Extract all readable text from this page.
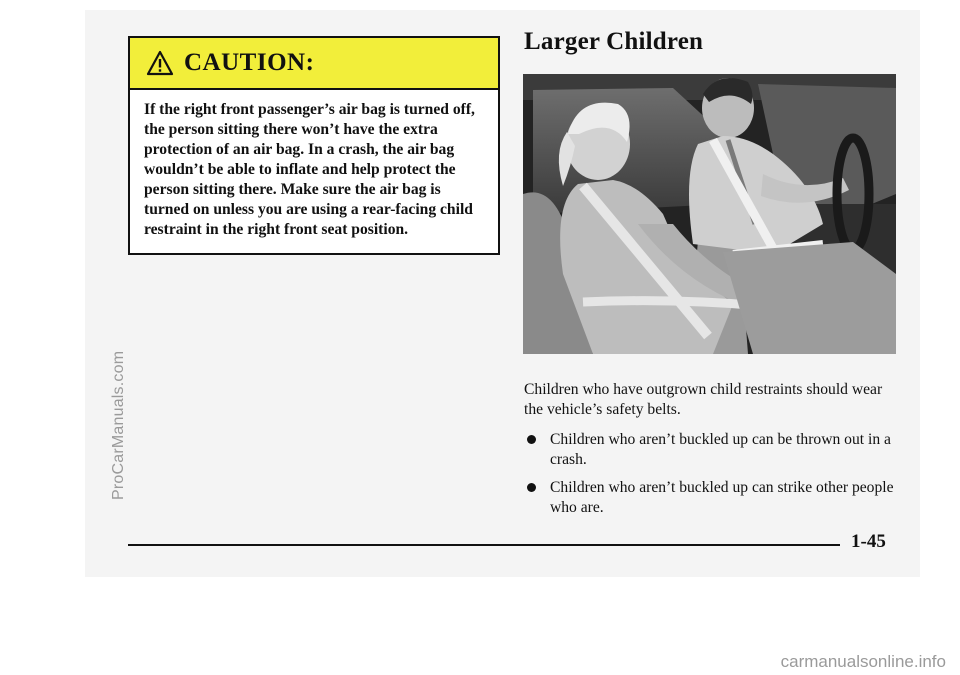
ProCarManuals.com
CAUTION:
If the right front passenger’s air bag is turned off, the person sitting there won’t have the extra protection of an air bag. In a crash, the air bag wouldn’t be able to inflate and help protect the person sitting there. Make sure the air bag is turned on unless you are using a rear-facing child restraint in the right front seat position.
Larger Children
Children who have outgrown child restraints should wear the vehicle’s safety belts.
Children who aren’t buckled up can be thrown out in a crash.
Children who aren’t buckled up can strike other people who are.
1-45
carmanualsonline.info
